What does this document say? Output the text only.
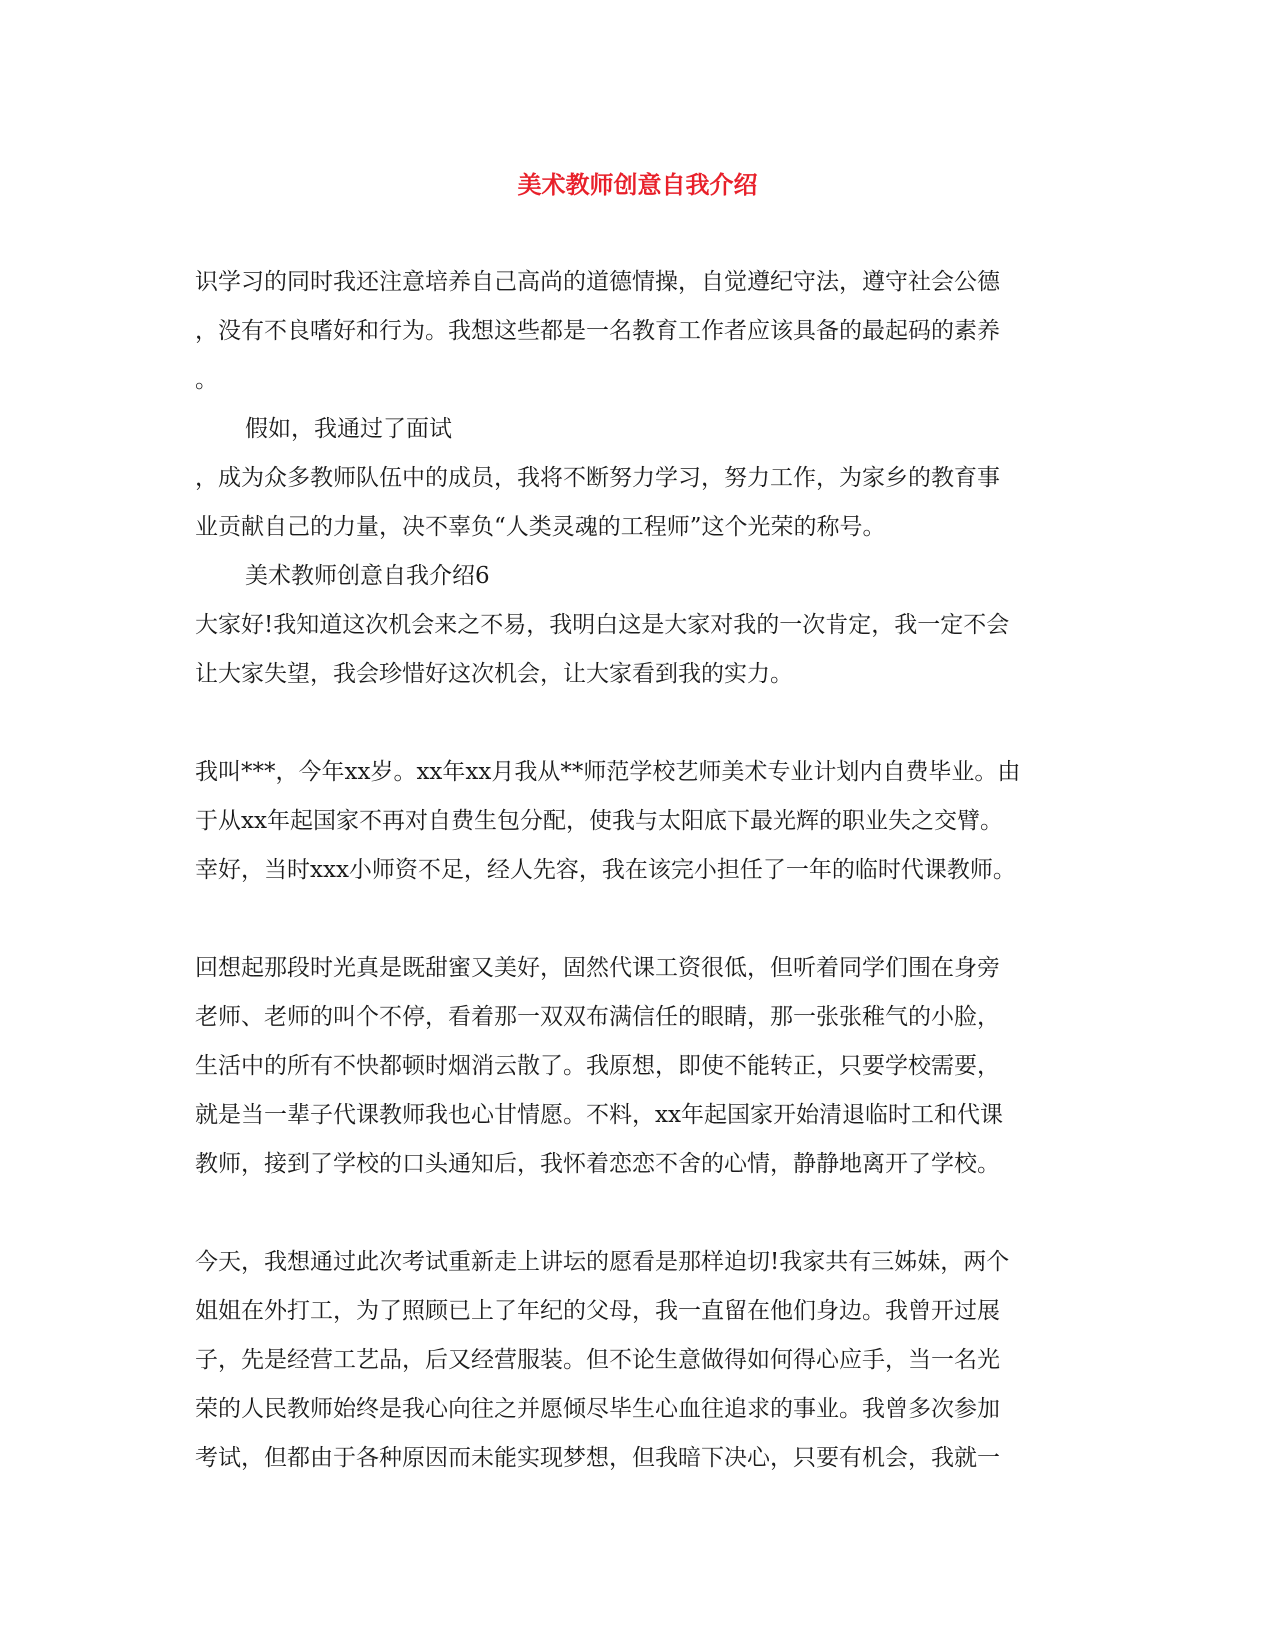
美术教师创意自我介绍

识学习的同时我还注意培养自己高尚的道德情操，自觉遵纪守法，遵守社会公德

，没有不良嗜好和行为。我想这些都是一名教育工作者应该具备的最起码的素养

。

假如，我通过了面试

，成为众多教师队伍中的成员，我将不断努力学习，努力工作，为家乡的教育事

业贡献自己的力量，决不辜负“人类灵魂的工程师”这个光荣的称号。

美术教师创意自我介绍6

大家好!我知道这次机会来之不易，我明白这是大家对我的一次肯定，我一定不会

让大家失望，我会珍惜好这次机会，让大家看到我的实力。

我叫***，今年xx岁。xx年xx月我从**师范学校艺师美术专业计划内自费毕业。由

于从xx年起国家不再对自费生包分配，使我与太阳底下最光辉的职业失之交臂。

幸好，当时xxx小师资不足，经人先容，我在该完小担任了一年的临时代课教师。

回想起那段时光真是既甜蜜又美好，固然代课工资很低，但听着同学们围在身旁

老师、老师的叫个不停，看着那一双双布满信任的眼睛，那一张张稚气的小脸，

生活中的所有不快都顿时烟消云散了。我原想，即使不能转正，只要学校需要，

就是当一辈子代课教师我也心甘情愿。不料，xx年起国家开始清退临时工和代课

教师，接到了学校的口头通知后，我怀着恋恋不舍的心情，静静地离开了学校。

今天，我想通过此次考试重新走上讲坛的愿看是那样迫切!我家共有三姊妹，两个

姐姐在外打工，为了照顾已上了年纪的父母，我一直留在他们身边。我曾开过展

子，先是经营工艺品，后又经营服装。但不论生意做得如何得心应手，当一名光

荣的人民教师始终是我心向往之并愿倾尽毕生心血往追求的事业。我曾多次参加

考试，但都由于各种原因而未能实现梦想，但我暗下决心，只要有机会，我就一
